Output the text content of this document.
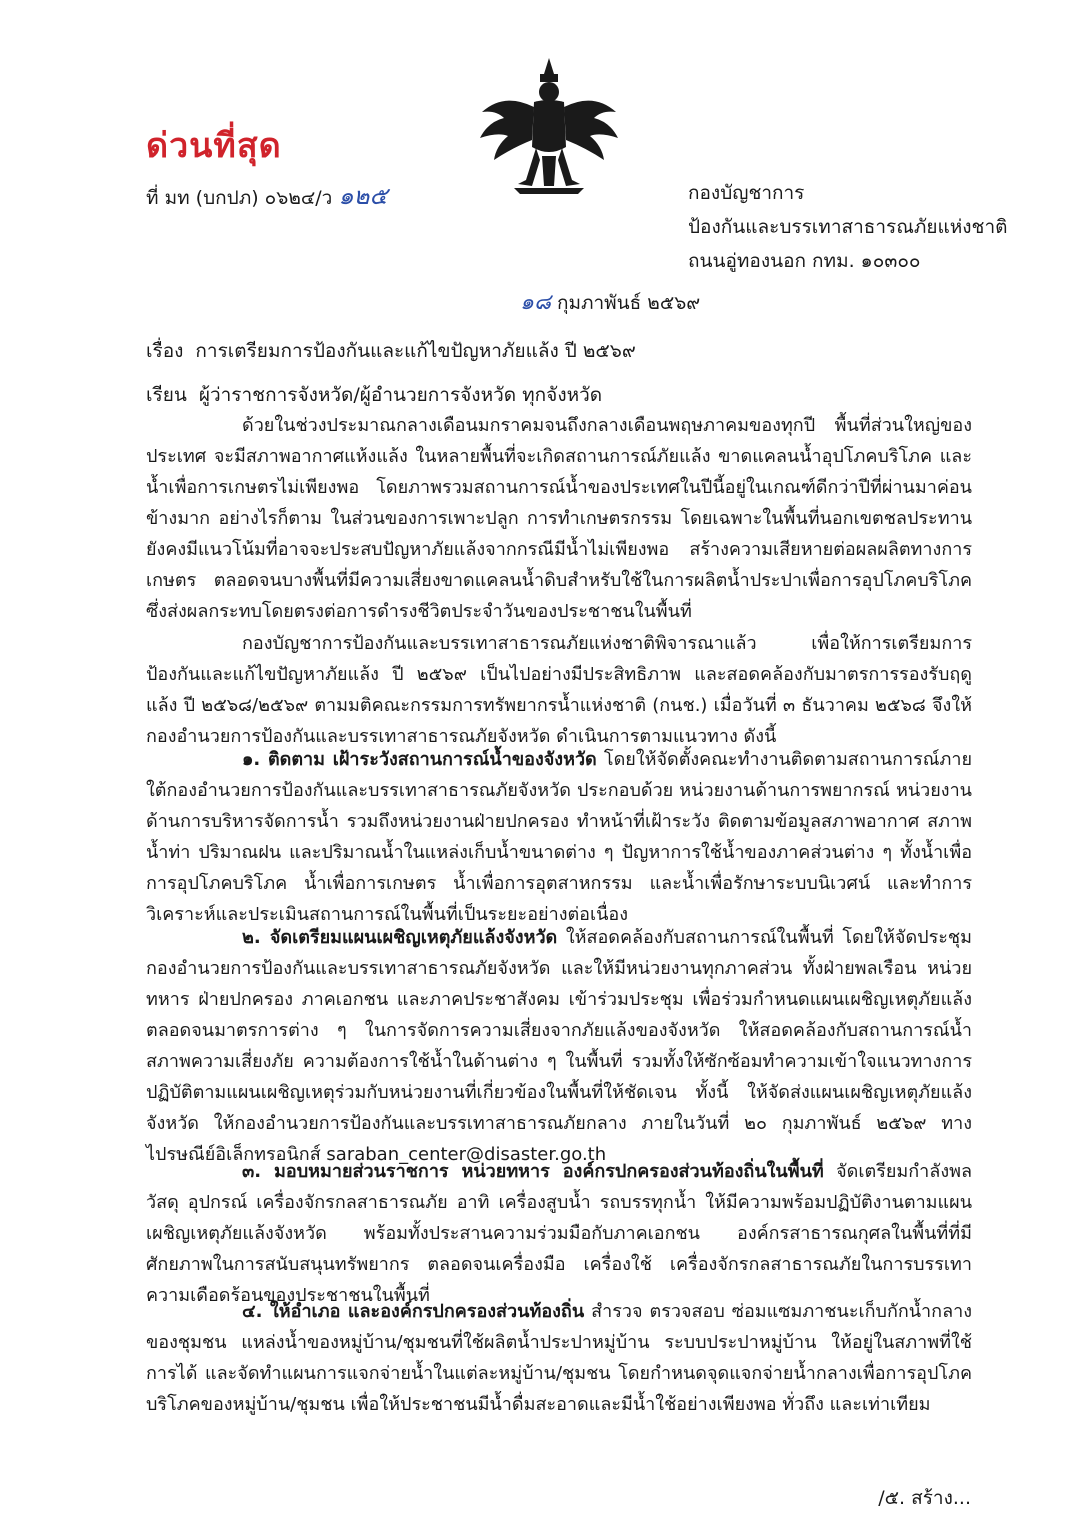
ด่วนที่สุด
ที่ มท (บกปภ) ๐๖๒๔/ว ๑๒๕	กองบัญชาการ
ป้องกันและบรรเทาสาธารณภัยแห่งชาติ
ถนนอู่ทองนอก กทม. ๑๐๓๐๐
๑๘ กุมภาพันธ์ ๒๕๖๙
เรื่อง การเตรียมการป้องกันและแก้ไขปัญหาภัยแล้ง ปี ๒๕๖๙
เรียน ผู้ว่าราชการจังหวัด/ผู้อำนวยการจังหวัด ทุกจังหวัด
ด้วยในช่วงประมาณกลางเดือนมกราคมจนถึงกลางเดือนพฤษภาคมของทุกปี พื้นที่ส่วนใหญ่ของประเทศ จะมีสภาพอากาศแห้งแล้ง ในหลายพื้นที่จะเกิดสถานการณ์ภัยแล้ง ขาดแคลนน้ำอุปโภคบริโภค และน้ำเพื่อการเกษตรไม่เพียงพอ โดยภาพรวมสถานการณ์น้ำของประเทศในปีนี้อยู่ในเกณฑ์ดีกว่าปีที่ผ่านมาค่อนข้างมาก อย่างไรก็ตาม ในส่วนของการเพาะปลูก การทำเกษตรกรรม โดยเฉพาะในพื้นที่นอกเขตชลประทาน ยังคงมีแนวโน้มที่อาจจะประสบปัญหาภัยแล้งจากกรณีมีน้ำไม่เพียงพอ สร้างความเสียหายต่อผลผลิตทางการเกษตร ตลอดจนบางพื้นที่มีความเสี่ยงขาดแคลนน้ำดิบสำหรับใช้ในการผลิตน้ำประปาเพื่อการอุปโภคบริโภค ซึ่งส่งผลกระทบโดยตรงต่อการดำรงชีวิตประจำวันของประชาชนในพื้นที่
กองบัญชาการป้องกันและบรรเทาสาธารณภัยแห่งชาติพิจารณาแล้ว เพื่อให้การเตรียมการป้องกันและแก้ไขปัญหาภัยแล้ง ปี ๒๕๖๙ เป็นไปอย่างมีประสิทธิภาพ และสอดคล้องกับมาตรการรองรับฤดูแล้ง ปี ๒๕๖๘/๒๕๖๙ ตามมติคณะกรรมการทรัพยากรน้ำแห่งชาติ (กนช.) เมื่อวันที่ ๓ ธันวาคม ๒๕๖๘ จึงให้กองอำนวยการป้องกันและบรรเทาสาธารณภัยจังหวัด ดำเนินการตามแนวทาง ดังนี้
๑. ติดตาม เฝ้าระวังสถานการณ์น้ำของจังหวัด โดยให้จัดตั้งคณะทำงานติดตามสถานการณ์ภายใต้กองอำนวยการป้องกันและบรรเทาสาธารณภัยจังหวัด ประกอบด้วย หน่วยงานด้านการพยากรณ์ หน่วยงานด้านการบริหารจัดการน้ำ รวมถึงหน่วยงานฝ่ายปกครอง ทำหน้าที่เฝ้าระวัง ติดตามข้อมูลสภาพอากาศ สภาพน้ำท่า ปริมาณฝน และปริมาณน้ำในแหล่งเก็บน้ำขนาดต่าง ๆ ปัญหาการใช้น้ำของภาคส่วนต่าง ๆ ทั้งน้ำเพื่อการอุปโภคบริโภค น้ำเพื่อการเกษตร น้ำเพื่อการอุตสาหกรรม และน้ำเพื่อรักษาระบบนิเวศน์ และทำการวิเคราะห์และประเมินสถานการณ์ในพื้นที่เป็นระยะอย่างต่อเนื่อง
๒. จัดเตรียมแผนเผชิญเหตุภัยแล้งจังหวัด ให้สอดคล้องกับสถานการณ์ในพื้นที่ โดยให้จัดประชุมกองอำนวยการป้องกันและบรรเทาสาธารณภัยจังหวัด และให้มีหน่วยงานทุกภาคส่วน ทั้งฝ่ายพลเรือน หน่วยทหาร ฝ่ายปกครอง ภาคเอกชน และภาคประชาสังคม เข้าร่วมประชุม เพื่อร่วมกำหนดแผนเผชิญเหตุภัยแล้ง ตลอดจนมาตรการต่าง ๆ ในการจัดการความเสี่ยงจากภัยแล้งของจังหวัด ให้สอดคล้องกับสถานการณ์น้ำ สภาพความเสี่ยงภัย ความต้องการใช้น้ำในด้านต่าง ๆ ในพื้นที่ รวมทั้งให้ซักซ้อมทำความเข้าใจแนวทางการปฏิบัติตามแผนเผชิญเหตุร่วมกับหน่วยงานที่เกี่ยวข้องในพื้นที่ให้ชัดเจน ทั้งนี้ ให้จัดส่งแผนเผชิญเหตุภัยแล้งจังหวัด ให้กองอำนวยการป้องกันและบรรเทาสาธารณภัยกลาง ภายในวันที่ ๒๐ กุมภาพันธ์ ๒๕๖๙ ทางไปรษณีย์อิเล็กทรอนิกส์ saraban_center@disaster.go.th
๓. มอบหมายส่วนราชการ หน่วยทหาร องค์กรปกครองส่วนท้องถิ่นในพื้นที่ จัดเตรียมกำลังพล วัสดุ อุปกรณ์ เครื่องจักรกลสาธารณภัย อาทิ เครื่องสูบน้ำ รถบรรทุกน้ำ ให้มีความพร้อมปฏิบัติงานตามแผนเผชิญเหตุภัยแล้งจังหวัด พร้อมทั้งประสานความร่วมมือกับภาคเอกชน องค์กรสาธารณกุศลในพื้นที่ที่มีศักยภาพในการสนับสนุนทรัพยากร ตลอดจนเครื่องมือ เครื่องใช้ เครื่องจักรกลสาธารณภัยในการบรรเทาความเดือดร้อนของประชาชนในพื้นที่
๔. ให้อำเภอ และองค์กรปกครองส่วนท้องถิ่น สำรวจ ตรวจสอบ ซ่อมแซมภาชนะเก็บกักน้ำกลางของชุมชน แหล่งน้ำของหมู่บ้าน/ชุมชนที่ใช้ผลิตน้ำประปาหมู่บ้าน ระบบประปาหมู่บ้าน ให้อยู่ในสภาพที่ใช้การได้ และจัดทำแผนการแจกจ่ายน้ำในแต่ละหมู่บ้าน/ชุมชน โดยกำหนดจุดแจกจ่ายน้ำกลางเพื่อการอุปโภคบริโภคของหมู่บ้าน/ชุมชน เพื่อให้ประชาชนมีน้ำดื่มสะอาดและมีน้ำใช้อย่างเพียงพอ ทั่วถึง และเท่าเทียม
/๕. สร้าง...
